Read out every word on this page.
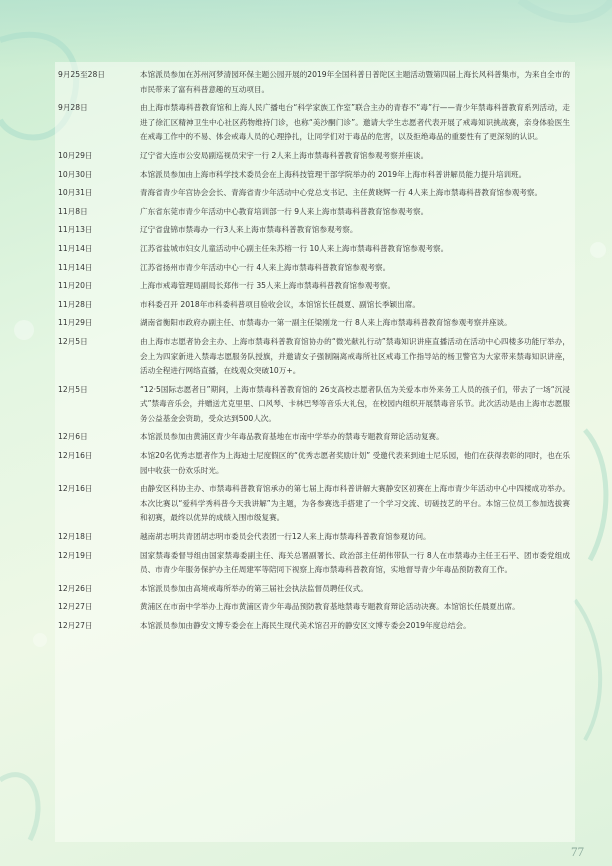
9月25至28日	本馆派员参加在苏州河梦清园环保主题公园开展的2019年全国科普日普陀区主题活动暨第四届上海长风科普集市，为来自全市的市民带来了富有科普意趣的互动项目。
9月28日	由上海市禁毒科普教育馆和上海人民广播电台“科学家族工作室”联合主办的青春不“毒”行——青少年禁毒科普教育系列活动，走进了徐汇区精神卫生中心社区药物维持门诊，也称“美沙酮门诊”。邀请大学生志愿者代表开展了戒毒知识挑战赛，亲身体验医生在戒毒工作中的不易、体会戒毒人员的心理挣扎，让同学们对于毒品的危害，以及拒绝毒品的重要性有了更深刻的认识。
10月29日	辽宁省大连市公安局副巡视员宋宇一行 2人来上海市禁毒科普教育馆参观考察并座谈。
10月30日	本馆派员参加由上海市科学技术委员会在上海科技管理干部学院举办的 2019年上海市科普讲解员能力提升培训班。
10月31日	青海省青少年宫协会会长、青海省青少年活动中心党总支书记、主任黄晓辉一行 4人来上海市禁毒科普教育馆参观考察。
11月8日	广东省东莞市青少年活动中心教育培训部一行 9人来上海市禁毒科普教育馆参观考察。
11月13日	辽宁省盘锦市禁毒办一行3人来上海市禁毒科普教育馆参观考察。
11月14日	江苏省盐城市妇女儿童活动中心副主任朱苏榕一行 10人来上海市禁毒科普教育馆参观考察。
11月14日	江苏省扬州市青少年活动中心一行 4人来上海市禁毒科普教育馆参观考察。
11月20日	上海市戒毒管理局副局长郑伟一行 35人来上海市禁毒科普教育馆参观考察。
11月28日	市科委召开 2018年市科委科普项目验收会议，本馆馆长任晨夏、副馆长季颖出席。
11月29日	湖南省衡阳市政府办副主任、市禁毒办一第一副主任梁刚龙一行 8人来上海市禁毒科普教育馆参观考察并座谈。
12月5日	由上海市志愿者协会主办、上海市禁毒科普教育馆协办的“微光献礼行动”禁毒知识讲座直播活动在活动中心四楼多功能厅举办，会上为四家新进入禁毒志愿服务队授旗，并邀请女子强制隔离戒毒所社区戒毒工作指导站的杨卫警官为大家带来禁毒知识讲座，活动全程进行网络直播，在线观众突破10万+。
12月5日	“12·5国际志愿者日”期间，上海市禁毒科普教育馆的 26支高校志愿者队伍为关爱本市外来务工人员的孩子们，带去了一场“沉浸式”禁毒音乐会，并赠送尤克里里、口风琴、卡林巴琴等音乐大礼包，在校园内组织开展禁毒音乐节。此次活动是由上海市志愿服务公益基金会资助，受众达到500人次。
12月6日	本馆派员参加由黄浦区青少年毒品教育基地在市南中学举办的禁毒专题教育辩论活动复赛。
12月16日	本馆20名优秀志愿者作为上海迪士尼度假区的“优秀志愿者奖励计划” 受邀代表来到迪士尼乐园，他们在获得表彰的同时，也在乐园中收获一份欢乐时光。
12月16日	由静安区科协主办、市禁毒科普教育馆承办的第七届上海市科普讲解大赛静安区初赛在上海市青少年活动中心中四楼成功举办。本次比赛以“爱科学秀科普今天我讲解”为主题，为各参赛选手搭建了一个学习交流、切磋技艺的平台。本馆三位员工参加选拔赛和初赛，最终以优异的成绩入围市级复赛。
12月18日	越南胡志明共青团胡志明市委员会代表团一行12人来上海市禁毒科普教育馆参观访问。
12月19日	国家禁毒委督导组由国家禁毒委副主任、海关总署副署长、政治部主任胡伟带队一行 8人在市禁毒办主任王石平、团市委党组成员、市青少年服务保护办主任周建军等陪同下视察上海市禁毒科普教育馆，实地督导青少年毒品预防教育工作。
12月26日	本馆派员参加由高境戒毒所举办的第三届社会执法监督员聘任仪式。
12月27日	黄浦区在市南中学举办上海市黄浦区青少年毒品预防教育基地禁毒专题教育辩论活动决赛。本馆馆长任晨夏出席。
12月27日	本馆派员参加由静安文博专委会在上海民生现代美术馆召开的静安区文博专委会2019年度总结会。
77
